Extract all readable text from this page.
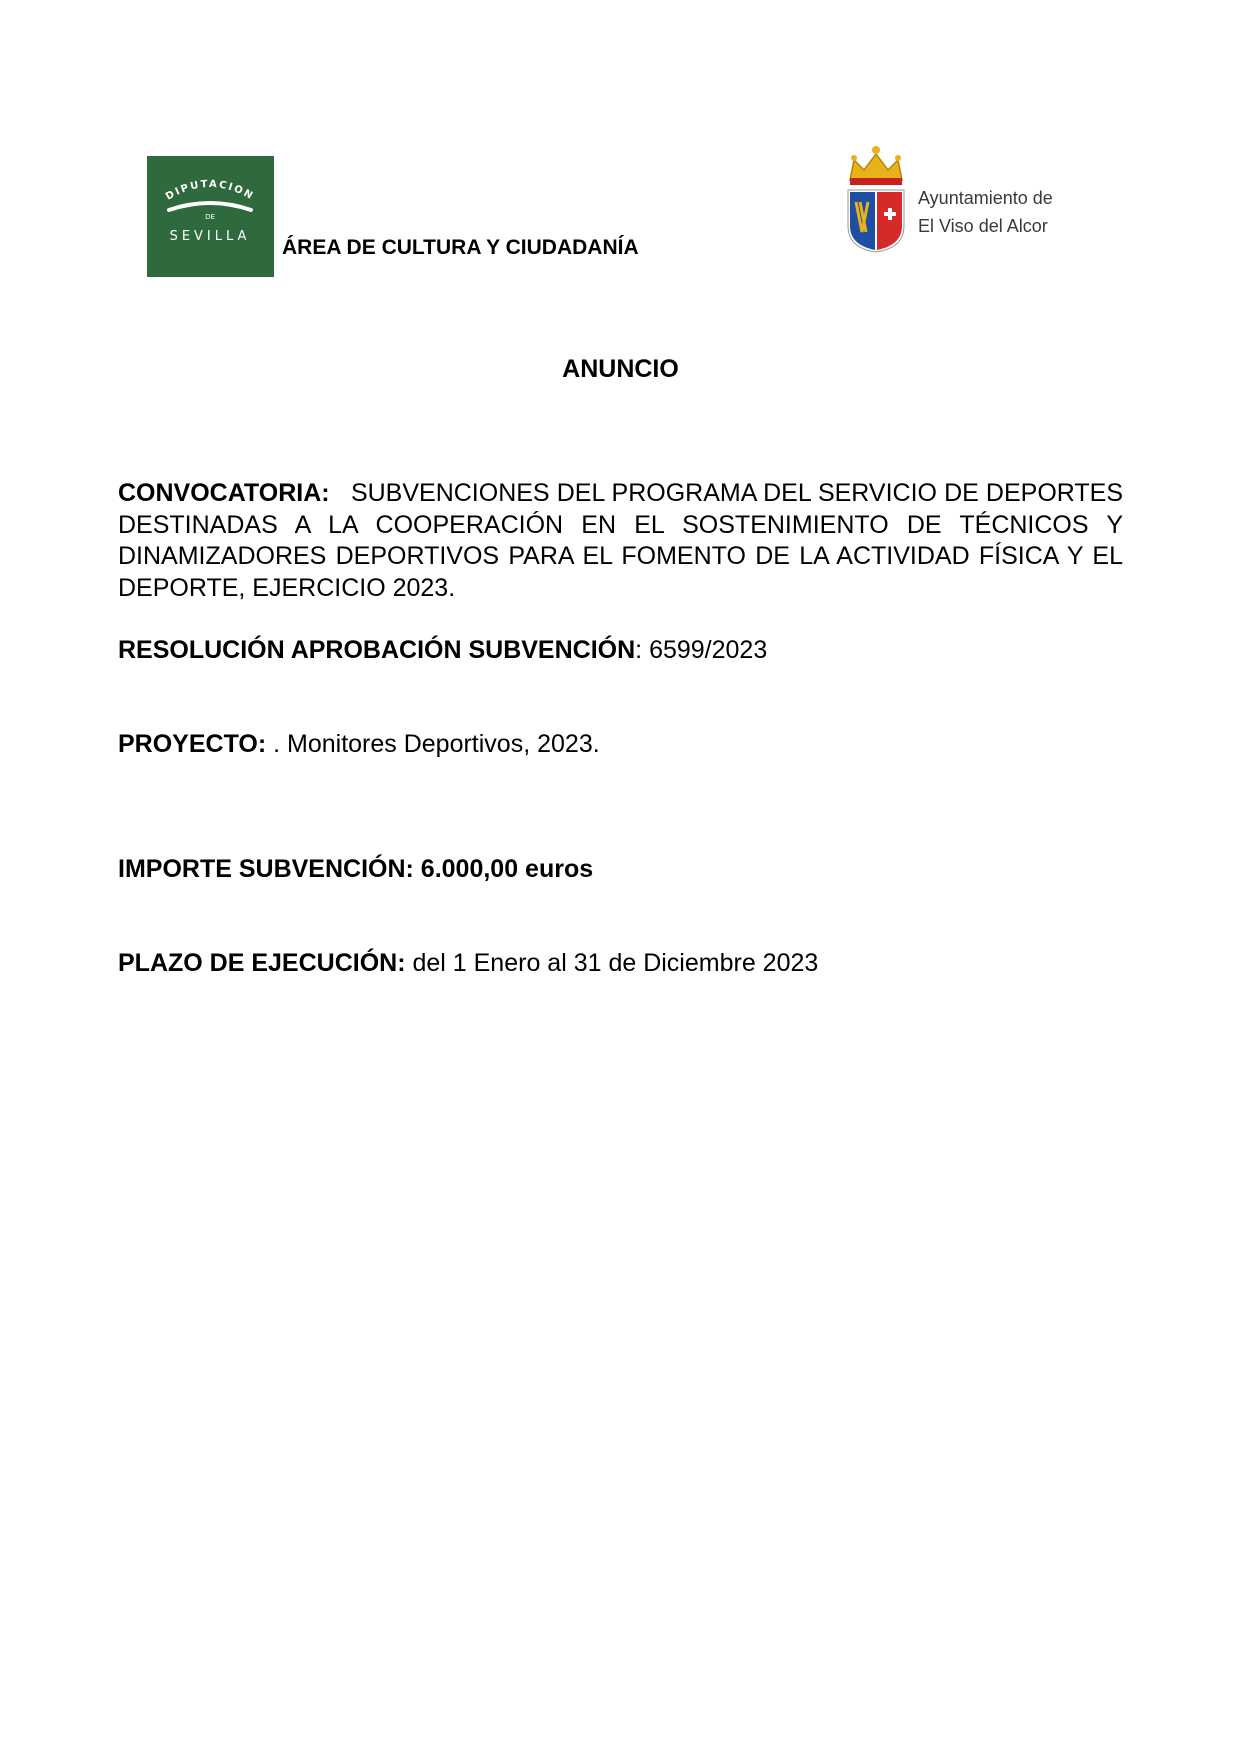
DIPUTACION
DE
SEVILLA ÁREA DE CULTURA Y CIUDADANÍA
Ayuntamiento de
El Viso del Alcor
ANUNCIO
CONVOCATORIA: SUBVENCIONES DEL PROGRAMA DEL SERVICIO DE DEPORTES DESTINADAS A LA COOPERACIÓN EN EL SOSTENIMIENTO DE TÉCNICOS Y DINAMIZADORES DEPORTIVOS PARA EL FOMENTO DE LA ACTIVIDAD FÍSICA Y EL DEPORTE, EJERCICIO 2023.
RESOLUCIÓN APROBACIÓN SUBVENCIÓN: 6599/2023
PROYECTO: . Monitores Deportivos, 2023.
IMPORTE SUBVENCIÓN: 6.000,00 euros
PLAZO DE EJECUCIÓN: del 1 Enero al 31 de Diciembre 2023
